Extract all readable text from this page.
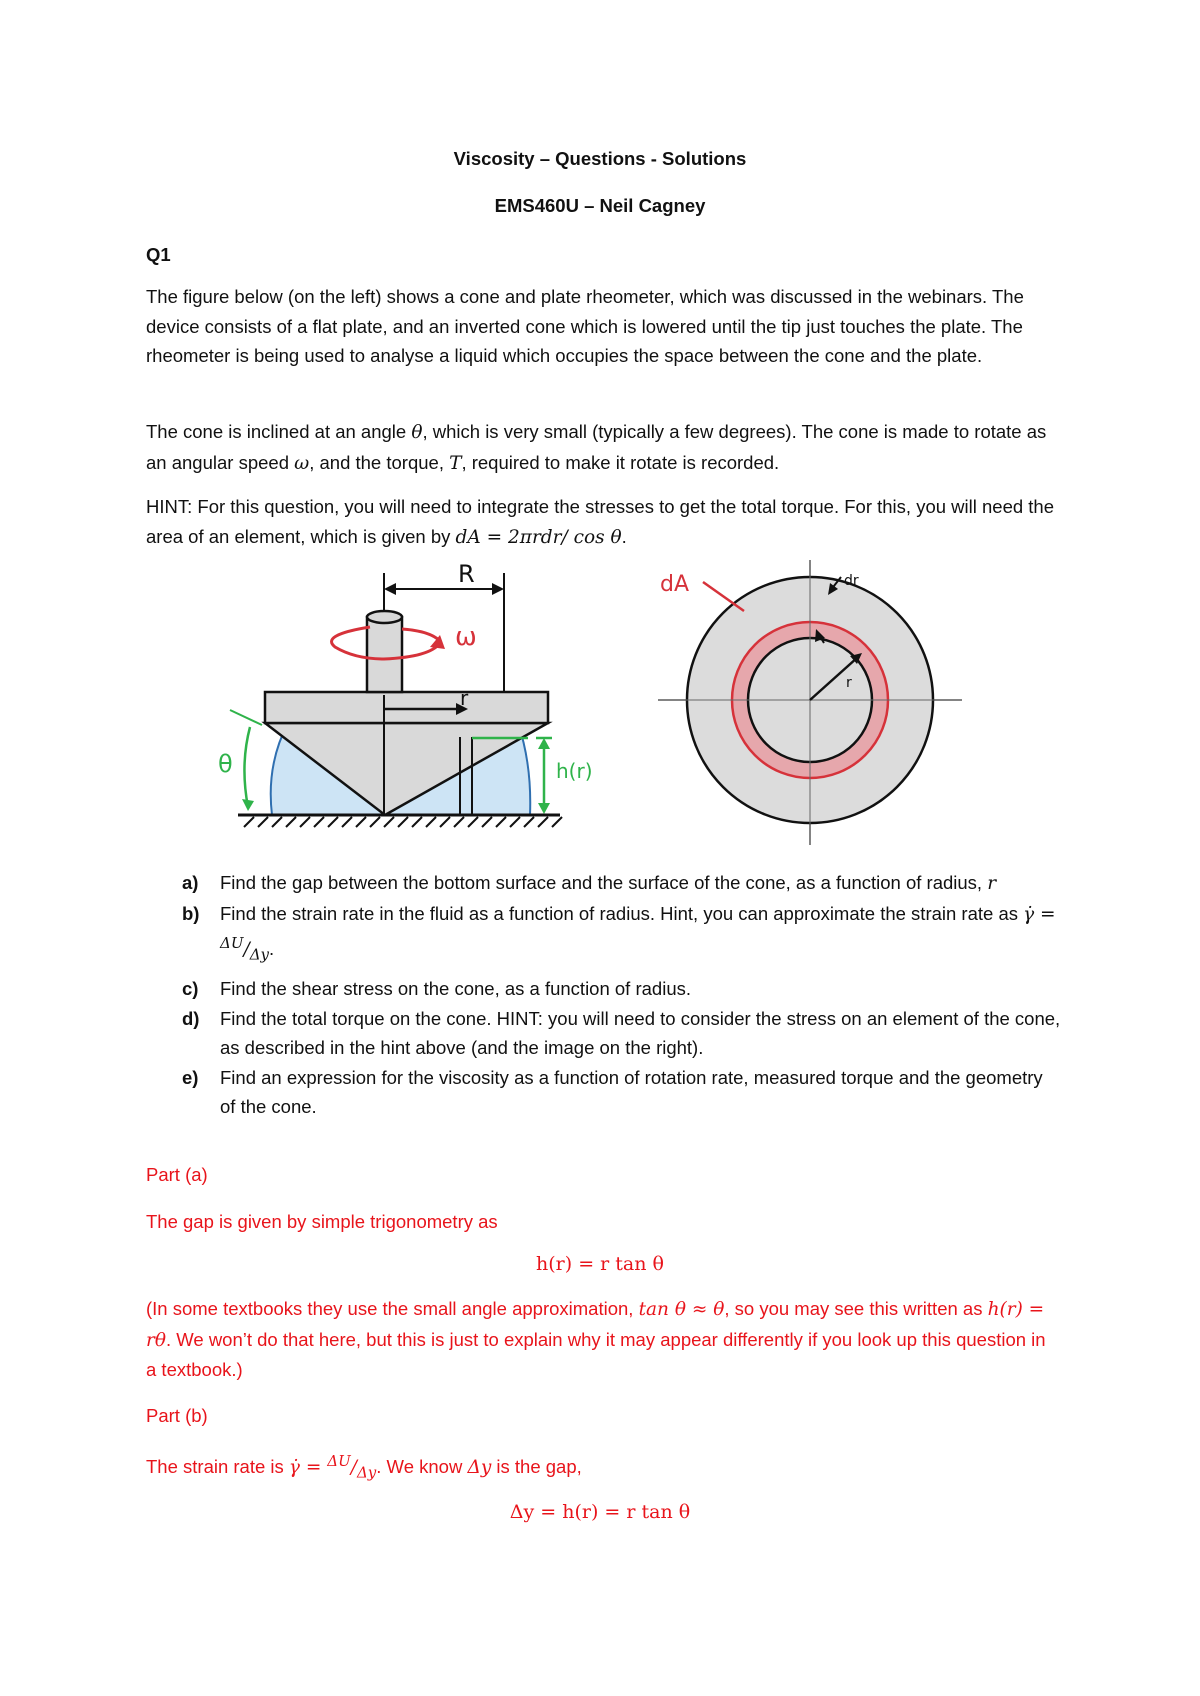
Viscosity – Questions - Solutions
EMS460U – Neil Cagney
Q1
The figure below (on the left) shows a cone and plate rheometer, which was discussed in the webinars. The device consists of a flat plate, and an inverted cone which is lowered until the tip just touches the plate. The rheometer is being used to analyse a liquid which occupies the space between the cone and the plate.
The cone is inclined at an angle θ, which is very small (typically a few degrees). The cone is made to rotate as an angular speed ω, and the torque, T, required to make it rotate is recorded.
HINT: For this question, you will need to integrate the stresses to get the total torque. For this, you will need the area of an element, which is given by dA = 2πrdr/ cos θ.
ω
R
r
h(r)
θ
r
dr
dA
a) Find the gap between the bottom surface and the surface of the cone, as a function of radius, r
b) Find the strain rate in the fluid as a function of radius. Hint, you can approximate the strain rate as γ̇ = $^{\Delta U}/_{\Delta y}$.
c) Find the shear stress on the cone, as a function of radius.
d) Find the total torque on the cone. HINT: you will need to consider the stress on an element of the cone, as described in the hint above (and the image on the right).
e) Find an expression for the viscosity as a function of rotation rate, measured torque and the geometry of the cone.
Part (a)
The gap is given by simple trigonometry as
h(r) = r tan θ
(In some textbooks they use the small angle approximation, tan θ ≈ θ, so you may see this written as h(r) = rθ. We won’t do that here, but this is just to explain why it may appear differently if you look up this question in a textbook.)
Part (b)
The strain rate is γ̇ = $^{\Delta U}/_{\Delta y}$. We know Δy is the gap,
Δy = h(r) = r tan θ
